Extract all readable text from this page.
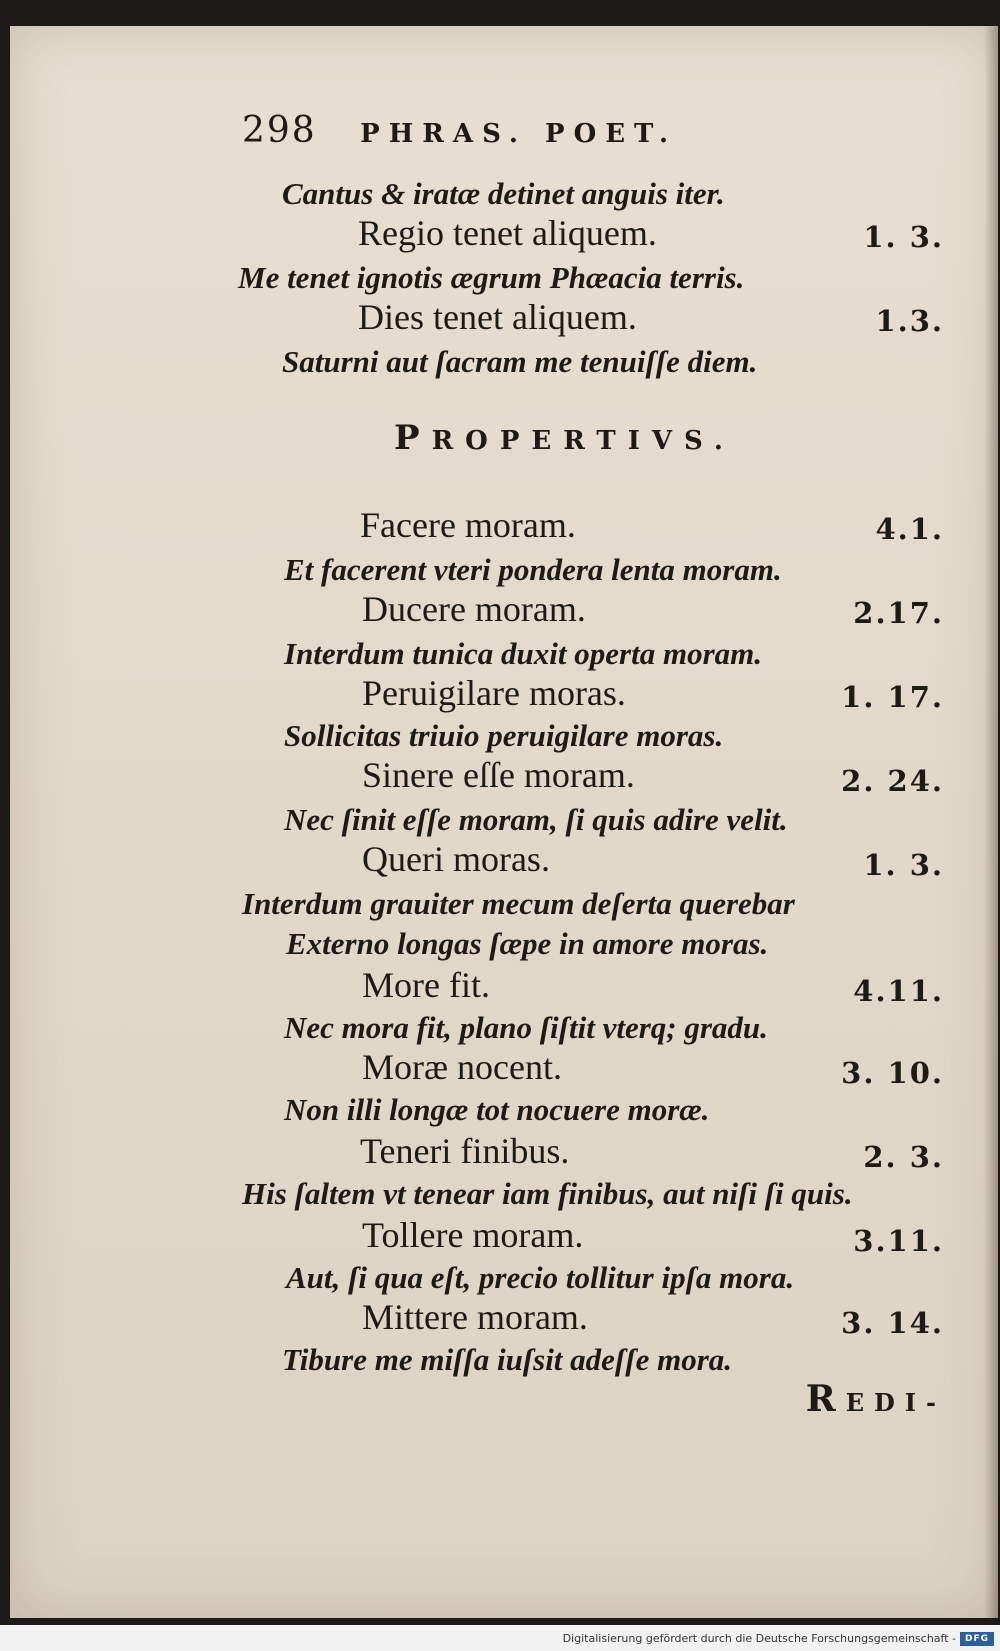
298 PHRAS. POET.
Cantus & iratæ detinet anguis iter.
Regio tenet aliquem.	1. 3.
Me tenet ignotis ægrum Phæacia terris.
Dies tenet aliquem.	1.3.
Saturni aut ſacram me tenuiſſe diem.
PROPERTIVS.
Facere moram.	4.1.
Et facerent vteri pondera lenta moram.
Ducere moram.	2.17.
Interdum tunica duxit operta moram.
Peruigilare moras.	1. 17.
Sollicitas triuio peruigilare moras.
Sinere eſſe moram.	2. 24.
Nec ſinit eſſe moram, ſi quis adire velit.
Queri moras.	1. 3.
Interdum grauiter mecum deſerta querebar
Externo longas ſæpe in amore moras.
More fit.	4.11.
Nec mora fit, plano ſiſtit vterq; gradu.
Moræ nocent.	3. 10.
Non illi longæ tot nocuere moræ.
Teneri finibus.	2. 3.
His ſaltem vt tenear iam finibus, aut niſi ſi quis.
Tollere moram.	3.11.
Aut, ſi qua eſt, precio tollitur ipſa mora.
Mittere moram.	3. 14.
Tibure me miſſa iuſsit adeſſe mora.
REDI-
Digitalisierung gefördert durch die Deutsche Forschungsgemeinschaft - DFG
